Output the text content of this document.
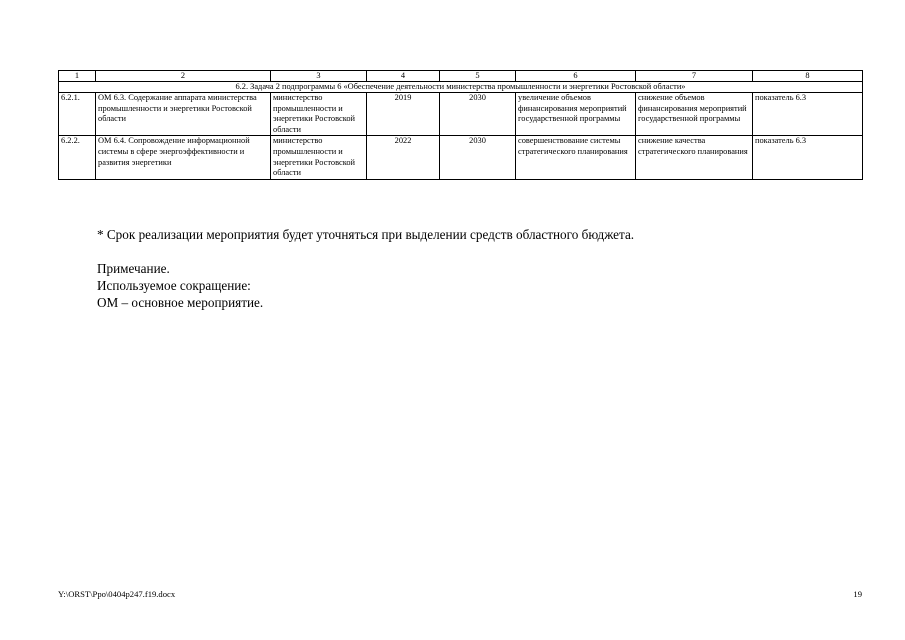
1	2	3	4	5	6	7	8
6.2. Задача 2 подпрограммы 6 «Обеспечение деятельности министерства промышленности и энергетики Ростовской области»							
6.2.1.	ОМ 6.3. Содержание аппарата министерства промышленности и энергетики Ростовской области	министерство промышленности и энергетики Ростовской области	2019	2030	увеличение объемов финансирования мероприятий государственной программы	снижение объемов финансирования мероприятий государственной программы	показатель 6.3
6.2.2.	ОМ 6.4. Сопровождение информационной системы в сфере энергоэффективности и развития энергетики	министерство промышленности и энергетики Ростовской области	2022	2030	совершенствование системы стратегического планирования	снижение качества стратегического планирования	показатель 6.3

* Срок реализации мероприятия будет уточняться при выделении средств областного бюджета.

Примечание.

Используемое сокращение:

ОМ – основное мероприятие.

Y:\ORST\Ppo\0404p247.f19.docx	19
